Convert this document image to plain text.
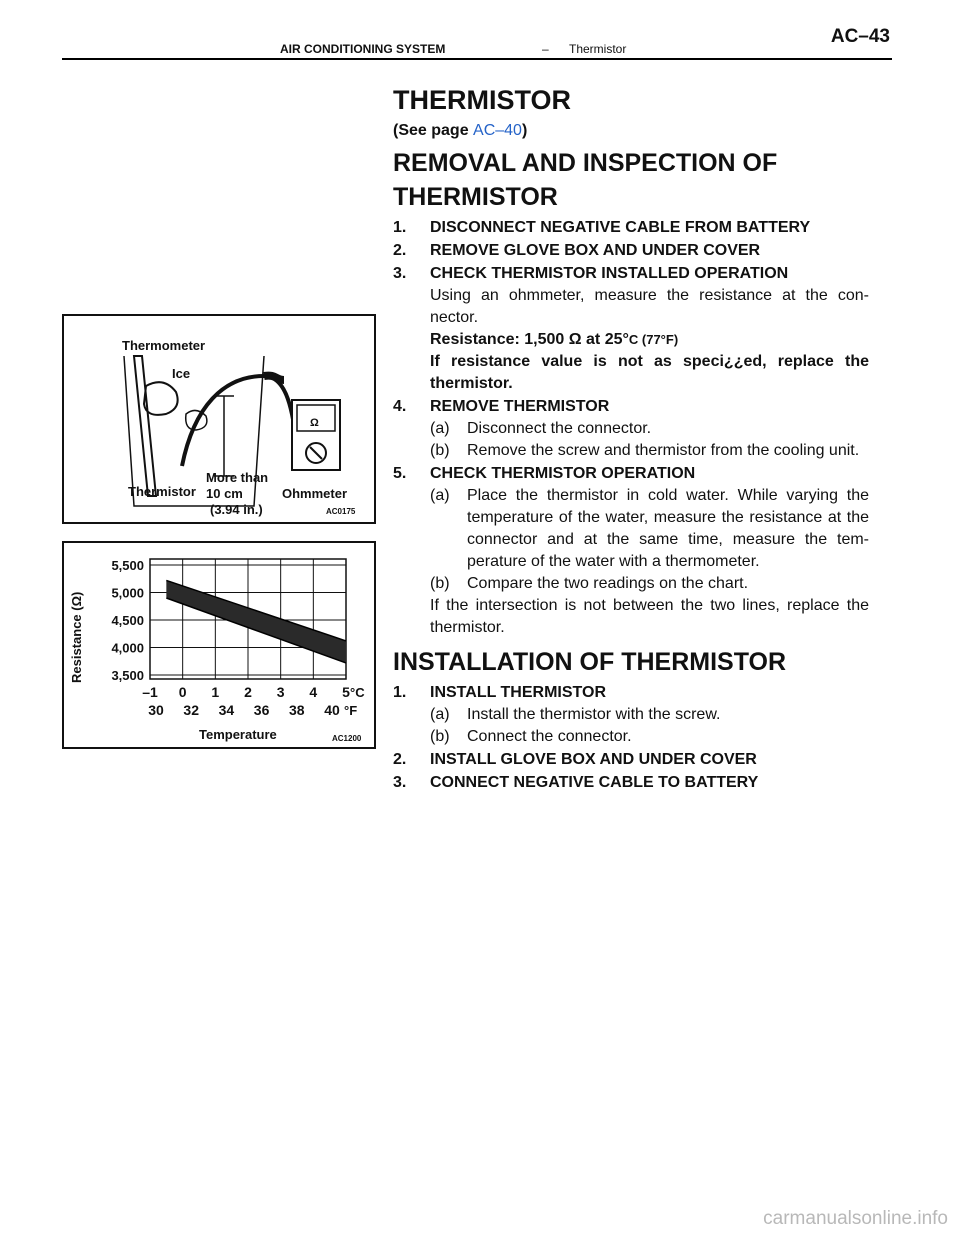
AIR CONDITIONING SYSTEM	– Thermistor
AC–43
Ω
Thermometer
Ice
Thermistor
More than
10 cm
(3.94 in.)
Ohmmeter
AC0175
Resistance (Ω)
5,500
5,000
4,500
4,000
3,500
–1 0 1 2 3 4 5 °C
30 32 34 36 38 40 °F
Temperature	AC1200
THERMISTOR
(See page AC–40)
REMOVAL AND INSPECTION OF
THERMISTOR
1.	DISCONNECT NEGATIVE CABLE FROM BATTERY
2.	REMOVE GLOVE BOX AND UNDER COVER
3.	CHECK THERMISTOR INSTALLED OPERATION
Using an ohmmeter, measure the resistance at the con- nector.
Resistance: 1,500 Ω at 25°C (77°F)
If resistance value is not as speci¿¿ed, replace the thermistor.
4.	REMOVE THERMISTOR
(a)	Disconnect the connector.
(b)	Remove the screw and thermistor from the cooling unit.
5.	CHECK THERMISTOR OPERATION
(a)	Place the thermistor in cold water. While varying the temperature of the water, measure the resistance at the connector and at the same time, measure the tem- perature of the water with a thermometer.
(b)	Compare the two readings on the chart.
If the intersection is not between the two lines, replace the thermistor.
INSTALLATION OF THERMISTOR
1.	INSTALL THERMISTOR
(a)	Install the thermistor with the screw.
(b)	Connect the connector.
2.	INSTALL GLOVE BOX AND UNDER COVER
3.	CONNECT NEGATIVE CABLE TO BATTERY
carmanualsonline.info
